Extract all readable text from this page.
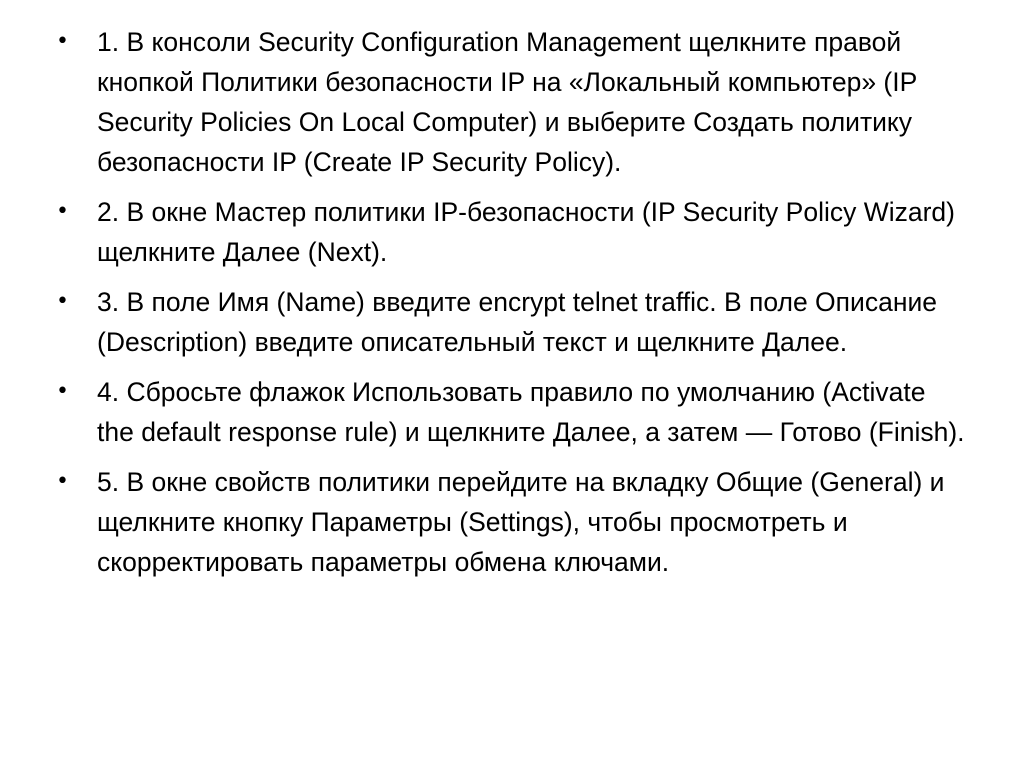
• 1. В консоли Security Configuration Management щелкните правой кнопкой Политики безопасности IP на «Локальный компьютер» (IP Security Policies On Local Computer) и выберите Создать политику безопасности IP (Create IP Security Policy).
• 2. В окне Мастер политики IP-безопасности (IP Security Policy Wizard) щелкните Далее (Next).
• 3. В поле Имя (Name) введите encrypt telnet traffic. В поле Описание (Description) введите описательный текст и щелкните Далее.
• 4. Сбросьте флажок Использовать правило по умолчанию (Activate the default response rule) и щелкните Далее, а затем — Готово (Finish).
• 5. В окне свойств политики перейдите на вкладку Общие (General) и щелкните кнопку Параметры (Settings), чтобы просмотреть и скорректировать параметры обмена ключами.
